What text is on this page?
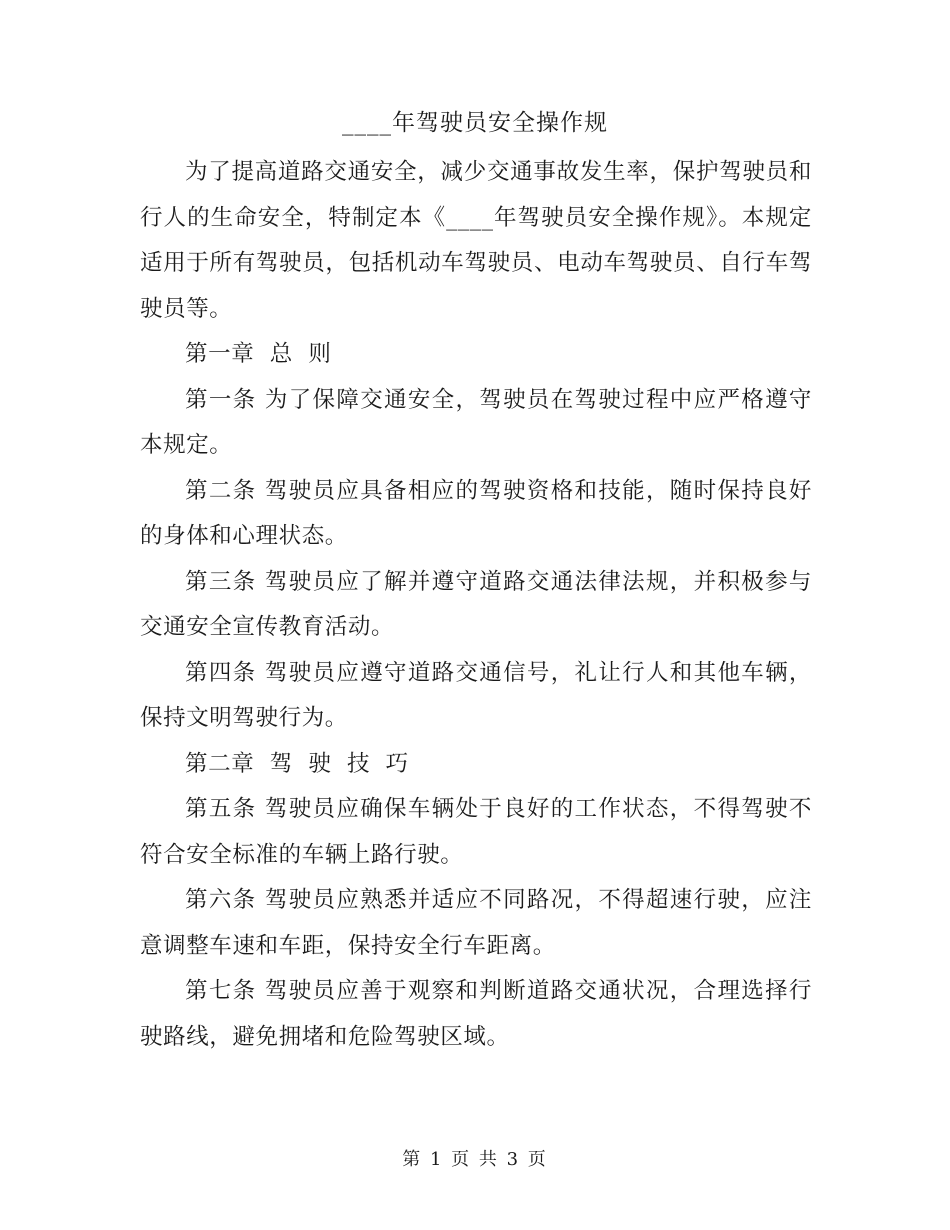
____年驾驶员安全操作规

为了提高道路交通安全，减少交通事故发生率，保护驾驶员和行人的生命安全，特制定本《____年驾驶员安全操作规》。本规定适用于所有驾驶员，包括机动车驾驶员、电动车驾驶员、自行车驾驶员等。

第一章  总  则

第一条 为了保障交通安全，驾驶员在驾驶过程中应严格遵守本规定。

第二条 驾驶员应具备相应的驾驶资格和技能，随时保持良好的身体和心理状态。

第三条 驾驶员应了解并遵守道路交通法律法规，并积极参与交通安全宣传教育活动。

第四条 驾驶员应遵守道路交通信号，礼让行人和其他车辆，保持文明驾驶行为。

第二章  驾  驶  技  巧

第五条 驾驶员应确保车辆处于良好的工作状态，不得驾驶不符合安全标准的车辆上路行驶。

第六条 驾驶员应熟悉并适应不同路况，不得超速行驶，应注意调整车速和车距，保持安全行车距离。

第七条 驾驶员应善于观察和判断道路交通状况，合理选择行驶路线，避免拥堵和危险驾驶区域。

第 1 页 共 3 页
